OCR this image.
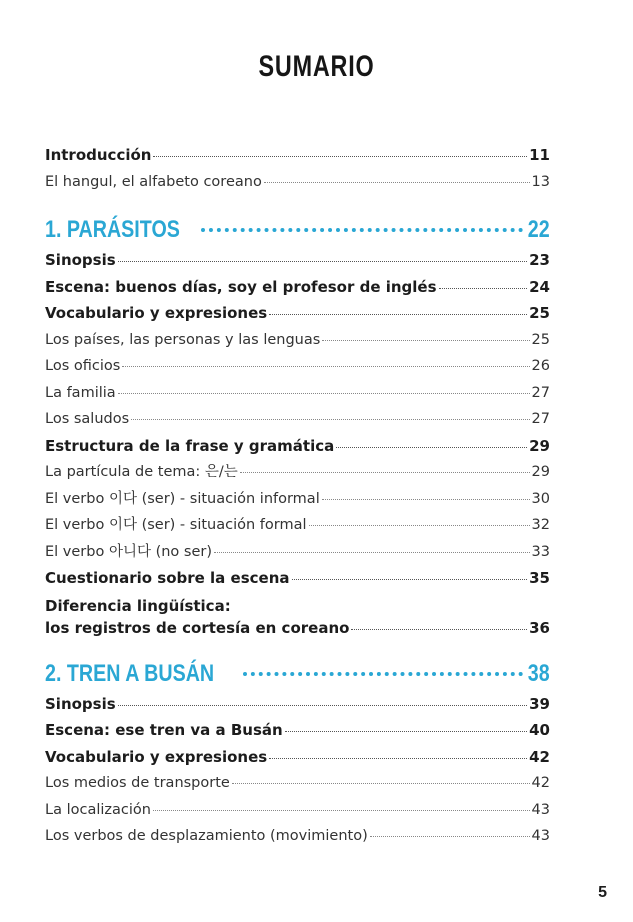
SUMARIO
Introducción	11
El hangul, el alfabeto coreano	13
1. PARÁSITOS	22
Sinopsis	23
Escena: buenos días, soy el profesor de inglés	24
Vocabulario y expresiones	25
Los países, las personas y las lenguas	25
Los oficios	26
La familia	27
Los saludos	27
Estructura de la frase y gramática	29
La partícula de tema: 은/는	29
El verbo 이다 (ser) - situación informal	30
El verbo 이다 (ser) - situación formal	32
El verbo 아니다 (no ser)	33
Cuestionario sobre la escena	35
Diferencia lingüística:
los registros de cortesía en coreano	36
2. TREN A BUSÁN	38
Sinopsis	39
Escena: ese tren va a Busán	40
Vocabulario y expresiones	42
Los medios de transporte	42
La localización	43
Los verbos de desplazamiento (movimiento)	43
5
